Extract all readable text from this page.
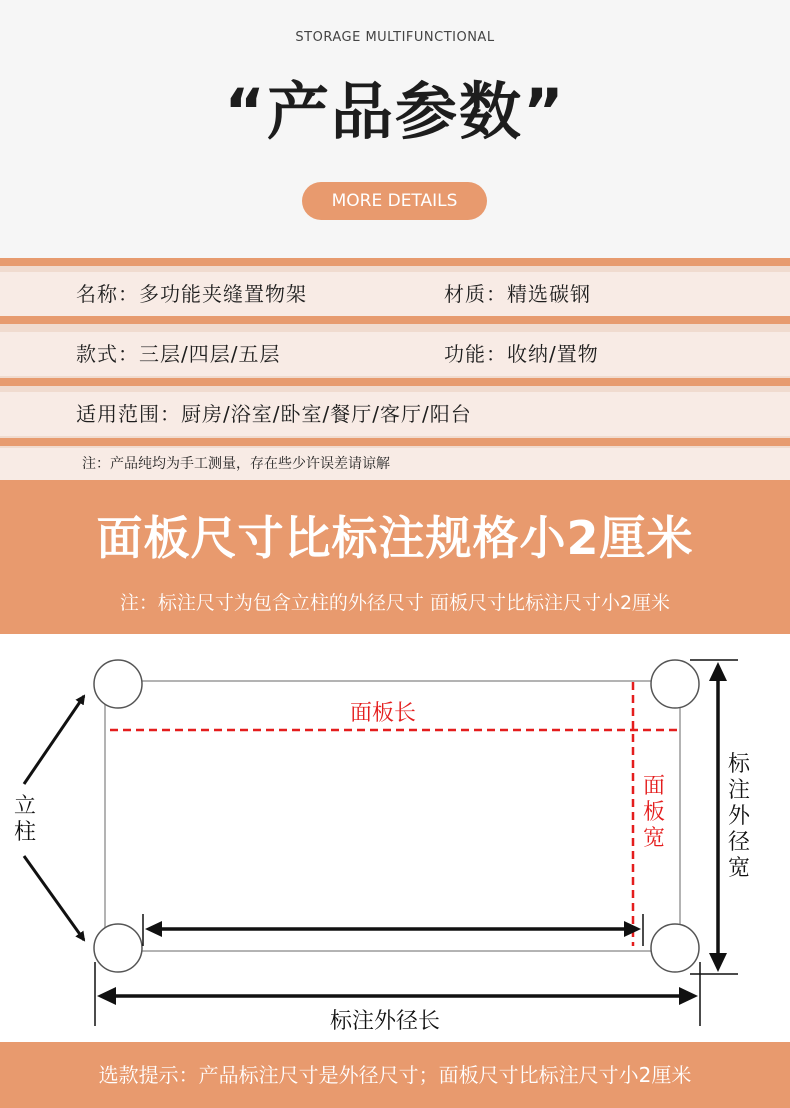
STORAGE MULTIFUNCTIONAL
“产品参数”
MORE DETAILS
名称：多功能夹缝置物架	材质：精选碳钢
款式：三层/四层/五层	功能：收纳/置物
适用范围：厨房/浴室/卧室/餐厅/客厅/阳台
注：产品纯均为手工测量，存在些少许误差请谅解
面板尺寸比标注规格小2厘米
注：标注尺寸为包含立柱的外径尺寸 面板尺寸比标注尺寸小2厘米
面板长
面板宽
立柱
标注外径宽
标注外径长
选款提示：产品标注尺寸是外径尺寸；面板尺寸比标注尺寸小2厘米
